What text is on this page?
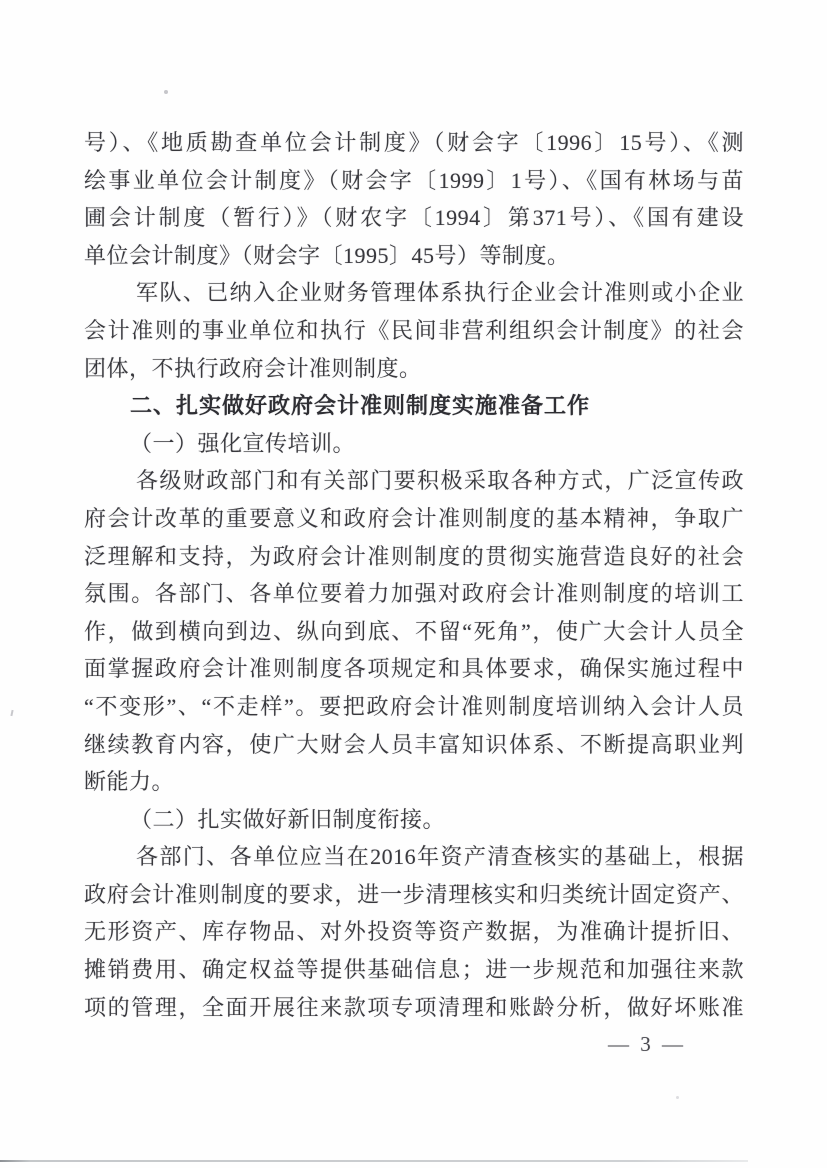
号）、《地质勘查单位会计制度》（财会字〔1996〕15号）、《测
绘事业单位会计制度》（财会字〔1999〕1号）、《国有林场与苗
圃会计制度（暂行）》（财农字〔1994〕第371号）、《国有建设
单位会计制度》（财会字〔1995〕45号）等制度。
军队、已纳入企业财务管理体系执行企业会计准则或小企业
会计准则的事业单位和执行《民间非营利组织会计制度》的社会
团体，不执行政府会计准则制度。
二、扎实做好政府会计准则制度实施准备工作
（一）强化宣传培训。
各级财政部门和有关部门要积极采取各种方式，广泛宣传政
府会计改革的重要意义和政府会计准则制度的基本精神，争取广
泛理解和支持，为政府会计准则制度的贯彻实施营造良好的社会
氛围。各部门、各单位要着力加强对政府会计准则制度的培训工
作，做到横向到边、纵向到底、不留“死角”，使广大会计人员全
面掌握政府会计准则制度各项规定和具体要求，确保实施过程中
“不变形”、“不走样”。要把政府会计准则制度培训纳入会计人员
继续教育内容，使广大财会人员丰富知识体系、不断提高职业判
断能力。
（二）扎实做好新旧制度衔接。
各部门、各单位应当在2016年资产清查核实的基础上，根据
政府会计准则制度的要求，进一步清理核实和归类统计固定资产、
无形资产、库存物品、对外投资等资产数据，为准确计提折旧、
摊销费用、确定权益等提供基础信息；进一步规范和加强往来款
项的管理，全面开展往来款项专项清理和账龄分析，做好坏账准
— 3 —
